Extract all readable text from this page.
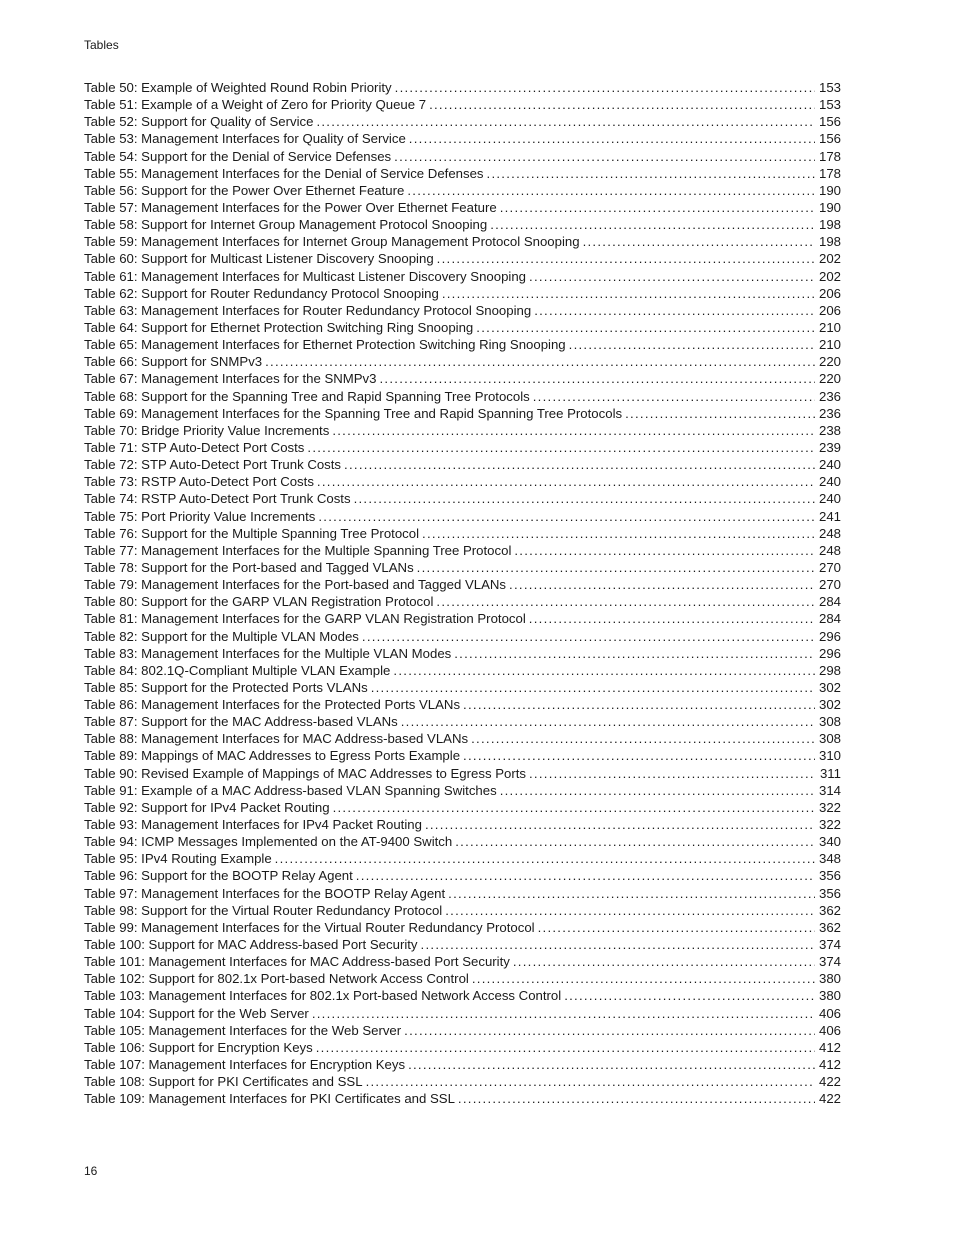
Tables
Table 50: Example of Weighted Round Robin Priority . . .	153
Table 51: Example of a Weight of Zero for Priority Queue 7 . . .	153
Table 52: Support for Quality of Service . . .	156
Table 53: Management Interfaces for Quality of Service . . .	156
Table 54: Support for the Denial of Service Defenses . . .	178
Table 55: Management Interfaces for the Denial of Service Defenses . . .	178
Table 56: Support for the Power Over Ethernet Feature . . .	190
Table 57: Management Interfaces for the Power Over Ethernet Feature . . .	190
Table 58: Support for Internet Group Management Protocol Snooping . . .	198
Table 59: Management Interfaces for Internet Group Management Protocol Snooping . . .	198
Table 60: Support for Multicast Listener Discovery Snooping . . .	202
Table 61: Management Interfaces for Multicast Listener Discovery Snooping . . .	202
Table 62: Support for Router Redundancy Protocol Snooping . . .	206
Table 63: Management Interfaces for Router Redundancy Protocol Snooping . . .	206
Table 64: Support for Ethernet Protection Switching Ring Snooping . . .	210
Table 65: Management Interfaces for Ethernet Protection Switching Ring Snooping . . .	210
Table 66: Support for SNMPv3 . . .	220
Table 67: Management Interfaces for the SNMPv3 . . .	220
Table 68: Support for the Spanning Tree and Rapid Spanning Tree Protocols . . .	236
Table 69: Management Interfaces for the Spanning Tree and Rapid Spanning Tree Protocols . . .	236
Table 70: Bridge Priority Value Increments . . .	238
Table 71: STP Auto-Detect Port Costs . . .	239
Table 72: STP Auto-Detect Port Trunk Costs . . .	240
Table 73: RSTP Auto-Detect Port Costs . . .	240
Table 74: RSTP Auto-Detect Port Trunk Costs . . .	240
Table 75: Port Priority Value Increments . . .	241
Table 76: Support for the Multiple Spanning Tree Protocol . . .	248
Table 77: Management Interfaces for the Multiple Spanning Tree Protocol . . .	248
Table 78: Support for the Port-based and Tagged VLANs . . .	270
Table 79: Management Interfaces for the Port-based and Tagged VLANs . . .	270
Table 80: Support for the GARP VLAN Registration Protocol . . .	284
Table 81: Management Interfaces for the GARP VLAN Registration Protocol . . .	284
Table 82: Support for the Multiple VLAN Modes . . .	296
Table 83: Management Interfaces for the Multiple VLAN Modes . . .	296
Table 84: 802.1Q-Compliant Multiple VLAN Example . . .	298
Table 85: Support for the Protected Ports VLANs . . .	302
Table 86: Management Interfaces for the Protected Ports VLANs . . .	302
Table 87: Support for the MAC Address-based VLANs . . .	308
Table 88: Management Interfaces for MAC Address-based VLANs . . .	308
Table 89: Mappings of MAC Addresses to Egress Ports Example . . .	310
Table 90: Revised Example of Mappings of MAC Addresses to Egress Ports . . .	311
Table 91: Example of a MAC Address-based VLAN Spanning Switches . . .	314
Table 92: Support for IPv4 Packet Routing . . .	322
Table 93: Management Interfaces for IPv4 Packet Routing . . .	322
Table 94: ICMP Messages Implemented on the AT-9400 Switch . . .	340
Table 95: IPv4 Routing Example . . .	348
Table 96: Support for the BOOTP Relay Agent . . .	356
Table 97: Management Interfaces for the BOOTP Relay Agent . . .	356
Table 98: Support for the Virtual Router Redundancy Protocol . . .	362
Table 99: Management Interfaces for the Virtual Router Redundancy Protocol . . .	362
Table 100: Support for MAC Address-based Port Security . . .	374
Table 101: Management Interfaces for MAC Address-based Port Security . . .	374
Table 102: Support for 802.1x Port-based Network Access Control . . .	380
Table 103: Management Interfaces for 802.1x Port-based Network Access Control . . .	380
Table 104: Support for the Web Server . . .	406
Table 105: Management Interfaces for the Web Server . . .	406
Table 106: Support for Encryption Keys . . .	412
Table 107: Management Interfaces for Encryption Keys . . .	412
Table 108: Support for PKI Certificates and SSL . . .	422
Table 109: Management Interfaces for PKI Certificates and SSL . . .	422
16
